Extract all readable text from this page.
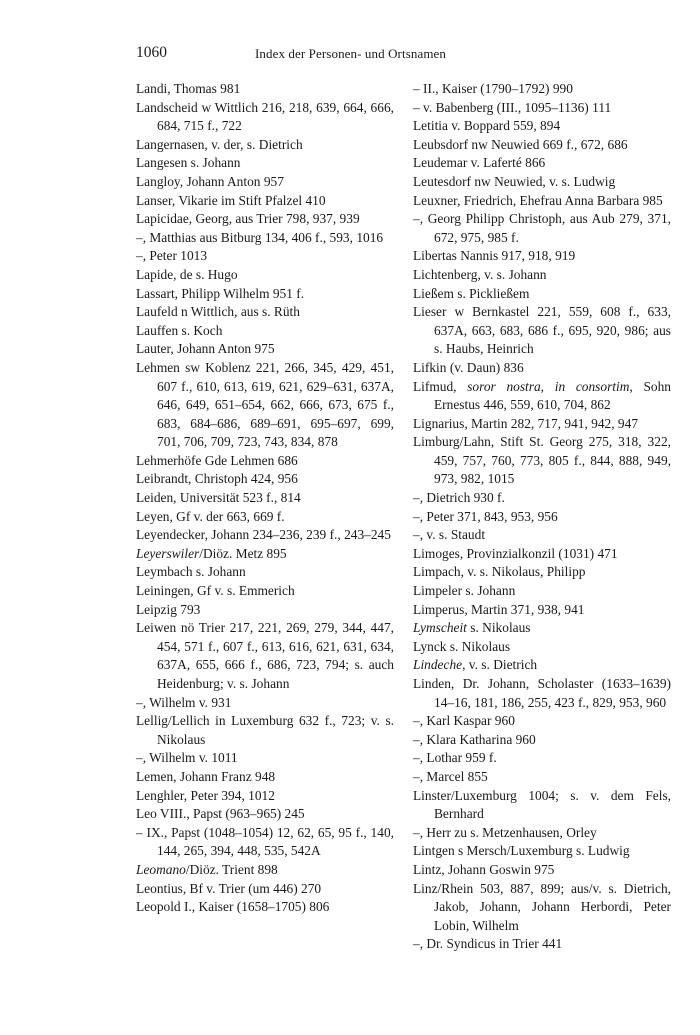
1060	Index der Personen- und Ortsnamen
Landi, Thomas 981
Landscheid w Wittlich 216, 218, 639, 664, 666, 684, 715 f., 722
Langernasen, v. der, s. Dietrich
Langesen s. Johann
Langloy, Johann Anton 957
Lanser, Vikarie im Stift Pfalzel 410
Lapicidae, Georg, aus Trier 798, 937, 939
–, Matthias aus Bitburg 134, 406 f., 593, 1016
–, Peter 1013
Lapide, de s. Hugo
Lassart, Philipp Wilhelm 951 f.
Laufeld n Wittlich, aus s. Rüth
Lauffen s. Koch
Lauter, Johann Anton 975
Lehmen sw Koblenz 221, 266, 345, 429, 451, 607 f., 610, 613, 619, 621, 629–631, 637A, 646, 649, 651–654, 662, 666, 673, 675 f., 683, 684–686, 689–691, 695–697, 699, 701, 706, 709, 723, 743, 834, 878
Lehmerhöfe Gde Lehmen 686
Leibrandt, Christoph 424, 956
Leiden, Universität 523 f., 814
Leyen, Gf v. der 663, 669 f.
Leyendecker, Johann 234–236, 239 f., 243–245
Leyerswiler/Diöz. Metz 895
Leymbach s. Johann
Leiningen, Gf v. s. Emmerich
Leipzig 793
Leiwen nö Trier 217, 221, 269, 279, 344, 447, 454, 571 f., 607 f., 613, 616, 621, 631, 634, 637A, 655, 666 f., 686, 723, 794; s. auch Heidenburg; v. s. Johann
–, Wilhelm v. 931
Lellig/Lellich in Luxemburg 632 f., 723; v. s. Nikolaus
–, Wilhelm v. 1011
Lemen, Johann Franz 948
Lenghler, Peter 394, 1012
Leo VIII., Papst (963–965) 245
– IX., Papst (1048–1054) 12, 62, 65, 95 f., 140, 144, 265, 394, 448, 535, 542A
Leomano/Diöz. Trient 898
Leontius, Bf v. Trier (um 446) 270
Leopold I., Kaiser (1658–1705) 806
– II., Kaiser (1790–1792) 990
– v. Babenberg (III., 1095–1136) 111
Letitia v. Boppard 559, 894
Leubsdorf nw Neuwied 669 f., 672, 686
Leudemar v. Laferté 866
Leutesdorf nw Neuwied, v. s. Ludwig
Leuxner, Friedrich, Ehefrau Anna Barbara 985
–, Georg Philipp Christoph, aus Aub 279, 371, 672, 975, 985 f.
Libertas Nannis 917, 918, 919
Lichtenberg, v. s. Johann
Ließem s. Pickließem
Lieser w Bernkastel 221, 559, 608 f., 633, 637A, 663, 683, 686 f., 695, 920, 986; aus s. Haubs, Heinrich
Lifkin (v. Daun) 836
Lifmud, soror nostra, in consortim, Sohn Ernestus 446, 559, 610, 704, 862
Lignarius, Martin 282, 717, 941, 942, 947
Limburg/Lahn, Stift St. Georg 275, 318, 322, 459, 757, 760, 773, 805 f., 844, 888, 949, 973, 982, 1015
–, Dietrich 930 f.
–, Peter 371, 843, 953, 956
–, v. s. Staudt
Limoges, Provinzialkonzil (1031) 471
Limpach, v. s. Nikolaus, Philipp
Limpeler s. Johann
Limperus, Martin 371, 938, 941
Lymscheit s. Nikolaus
Lynck s. Nikolaus
Lindeche, v. s. Dietrich
Linden, Dr. Johann, Scholaster (1633–1639) 14–16, 181, 186, 255, 423 f., 829, 953, 960
–, Karl Kaspar 960
–, Klara Katharina 960
–, Lothar 959 f.
–, Marcel 855
Linster/Luxemburg 1004; s. v. dem Fels, Bernhard
–, Herr zu s. Metzenhausen, Orley
Lintgen s Mersch/Luxemburg s. Ludwig
Lintz, Johann Goswin 975
Linz/Rhein 503, 887, 899; aus/v. s. Dietrich, Jakob, Johann, Johann Herbordi, Peter Lobin, Wilhelm
–, Dr. Syndicus in Trier 441
